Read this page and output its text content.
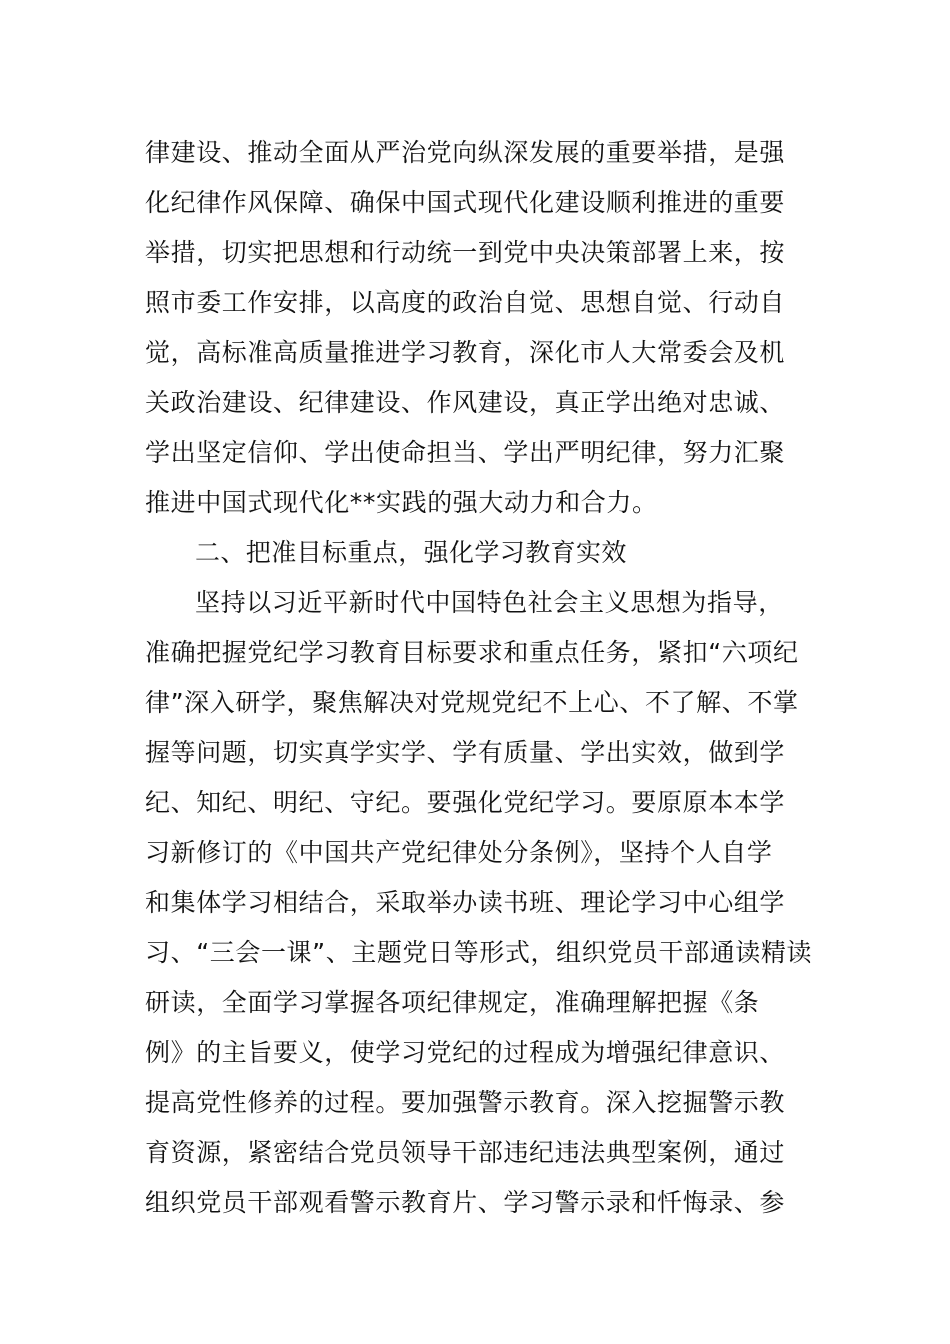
律建设、推动全面从严治党向纵深发展的重要举措，是强
化纪律作风保障、确保中国式现代化建设顺利推进的重要
举措，切实把思想和行动统一到党中央决策部署上来，按
照市委工作安排，以高度的政治自觉、思想自觉、行动自
觉，高标准高质量推进学习教育，深化市人大常委会及机
关政治建设、纪律建设、作风建设，真正学出绝对忠诚、
学出坚定信仰、学出使命担当、学出严明纪律，努力汇聚
推进中国式现代化**实践的强大动力和合力。
二、把准目标重点，强化学习教育实效
坚持以习近平新时代中国特色社会主义思想为指导，
准确把握党纪学习教育目标要求和重点任务，紧扣“六项纪
律”深入研学，聚焦解决对党规党纪不上心、不了解、不掌
握等问题，切实真学实学、学有质量、学出实效，做到学
纪、知纪、明纪、守纪。要强化党纪学习。要原原本本学
习新修订的《中国共产党纪律处分条例》，坚持个人自学
和集体学习相结合，采取举办读书班、理论学习中心组学
习、“三会一课”、主题党日等形式，组织党员干部通读精读
研读，全面学习掌握各项纪律规定，准确理解把握《条
例》的主旨要义，使学习党纪的过程成为增强纪律意识、
提高党性修养的过程。要加强警示教育。深入挖掘警示教
育资源，紧密结合党员领导干部违纪违法典型案例，通过
组织党员干部观看警示教育片、学习警示录和忏悔录、参
